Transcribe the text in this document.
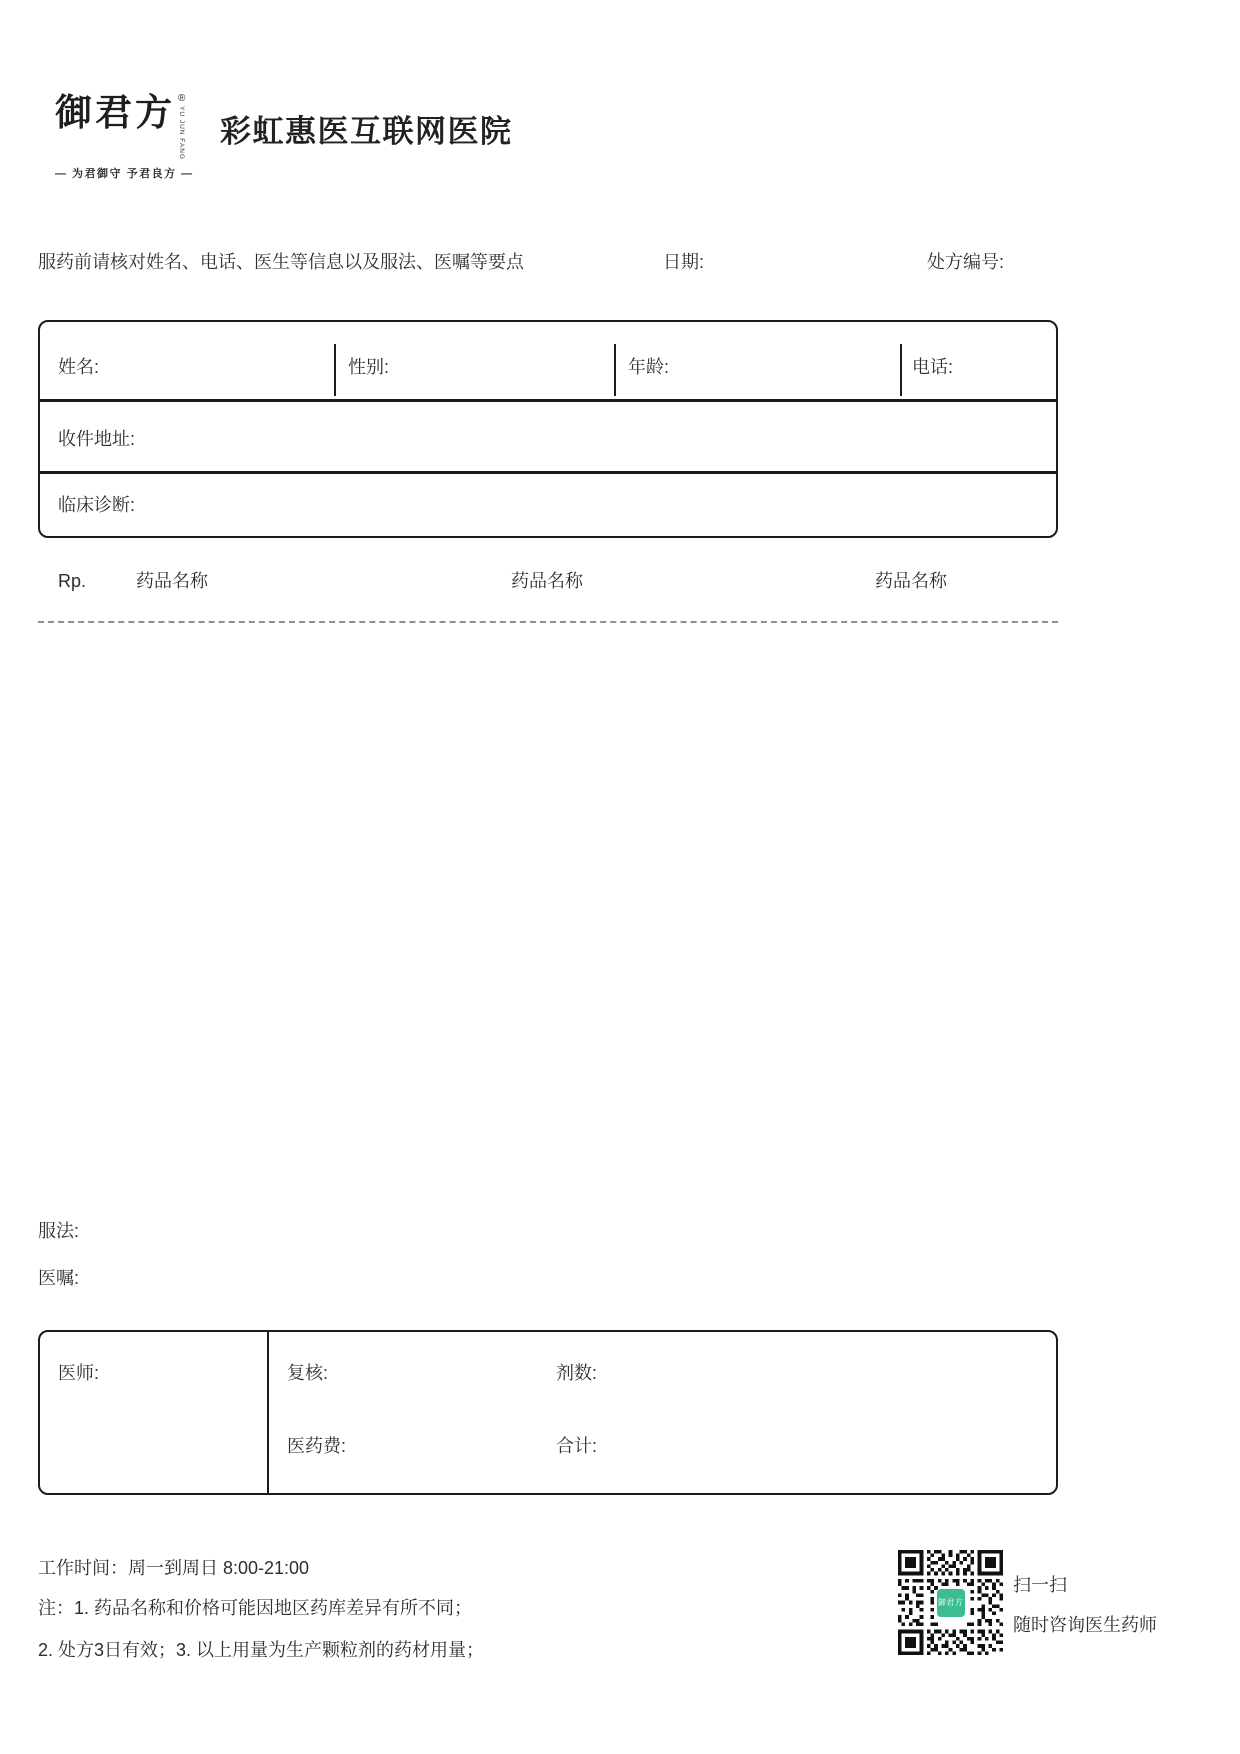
御君方 ®
YU JUN FANG
— 为君御守 予君良方 —
彩虹惠医互联网医院
服药前请核对姓名、电话、医生等信息以及服法、医嘱等要点	日期:	处方编号:
姓名:	性别:	年龄:	电话:
收件地址:
临床诊断:
Rp.	药品名称	药品名称	药品名称
服法:
医嘱:
医师:	复核:	剂数:
医药费:	合计:
工作时间：周一到周日 8:00-21:00
注：1. 药品名称和价格可能因地区药库差异有所不同；
2. 处方3日有效；3. 以上用量为生产颗粒剂的药材用量；
御君方
扫一扫
随时咨询医生药师
